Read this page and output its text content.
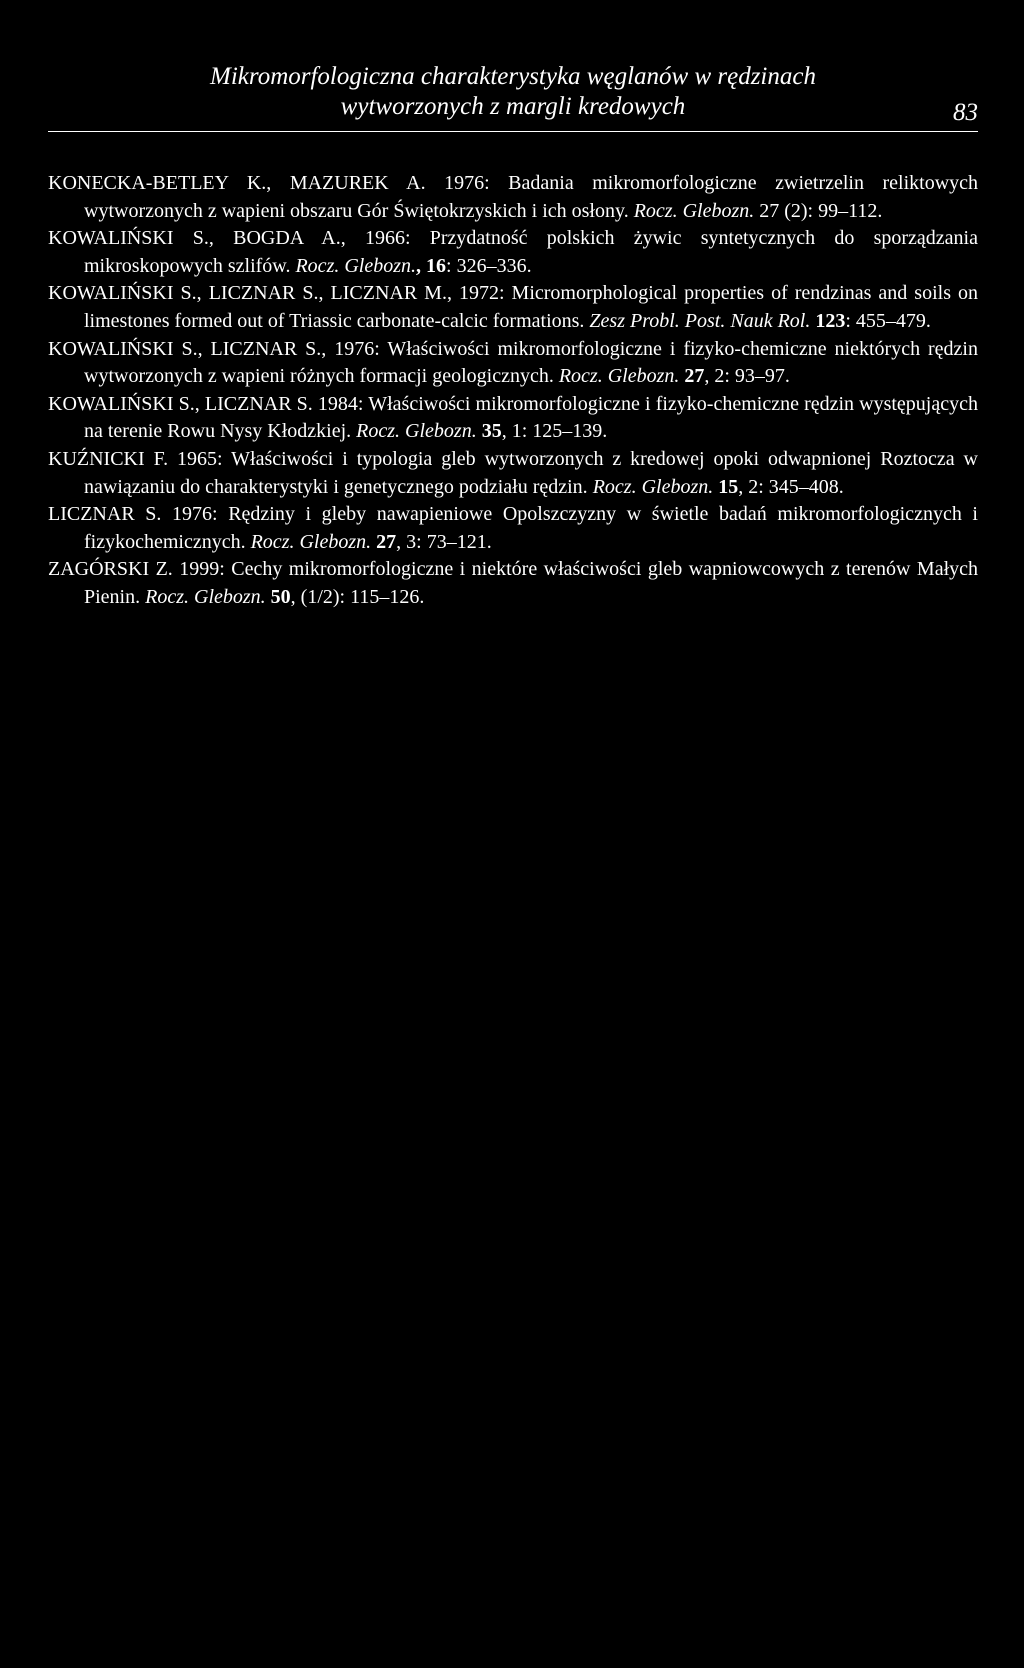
Mikromorfologiczna charakterystyka węglanów w rędzinach
wytworzonych z margli kredowych	83

KONECKA-BETLEY K., MAZUREK A. 1976: Badania mikromorfologiczne zwietrzelin reliktowych wytworzonych z wapieni obszaru Gór Świętokrzyskich i ich osłony. Rocz. Glebozn. 27 (2): 99–112.

KOWALIŃSKI S., BOGDA A., 1966: Przydatność polskich żywic syntetycznych do sporządzania mikroskopowych szlifów. Rocz. Glebozn., 16: 326–336.

KOWALIŃSKI S., LICZNAR S., LICZNAR M., 1972: Micromorphological properties of rendzinas and soils on limestones formed out of Triassic carbonate-calcic formations. Zesz Probl. Post. Nauk Rol. 123: 455–479.

KOWALIŃSKI S., LICZNAR S., 1976: Właściwości mikromorfologiczne i fizyko-chemiczne niektórych rędzin wytworzonych z wapieni różnych formacji geologicznych. Rocz. Glebozn. 27, 2: 93–97.

KOWALIŃSKI S., LICZNAR S. 1984: Właściwości mikromorfologiczne i fizyko-chemiczne rędzin występujących na terenie Rowu Nysy Kłodzkiej. Rocz. Glebozn. 35, 1: 125–139.

KUŹNICKI F. 1965: Właściwości i typologia gleb wytworzonych z kredowej opoki odwapnionej Roztocza w nawiązaniu do charakterystyki i genetycznego podziału rędzin. Rocz. Glebozn. 15, 2: 345–408.

LICZNAR S. 1976: Rędziny i gleby nawapieniowe Opolszczyzny w świetle badań mikromorfologicznych i fizykochemicznych. Rocz. Glebozn. 27, 3: 73–121.

ZAGÓRSKI Z. 1999: Cechy mikromorfologiczne i niektóre właściwości gleb wapniowcowych z terenów Małych Pienin. Rocz. Glebozn. 50, (1/2): 115–126.
